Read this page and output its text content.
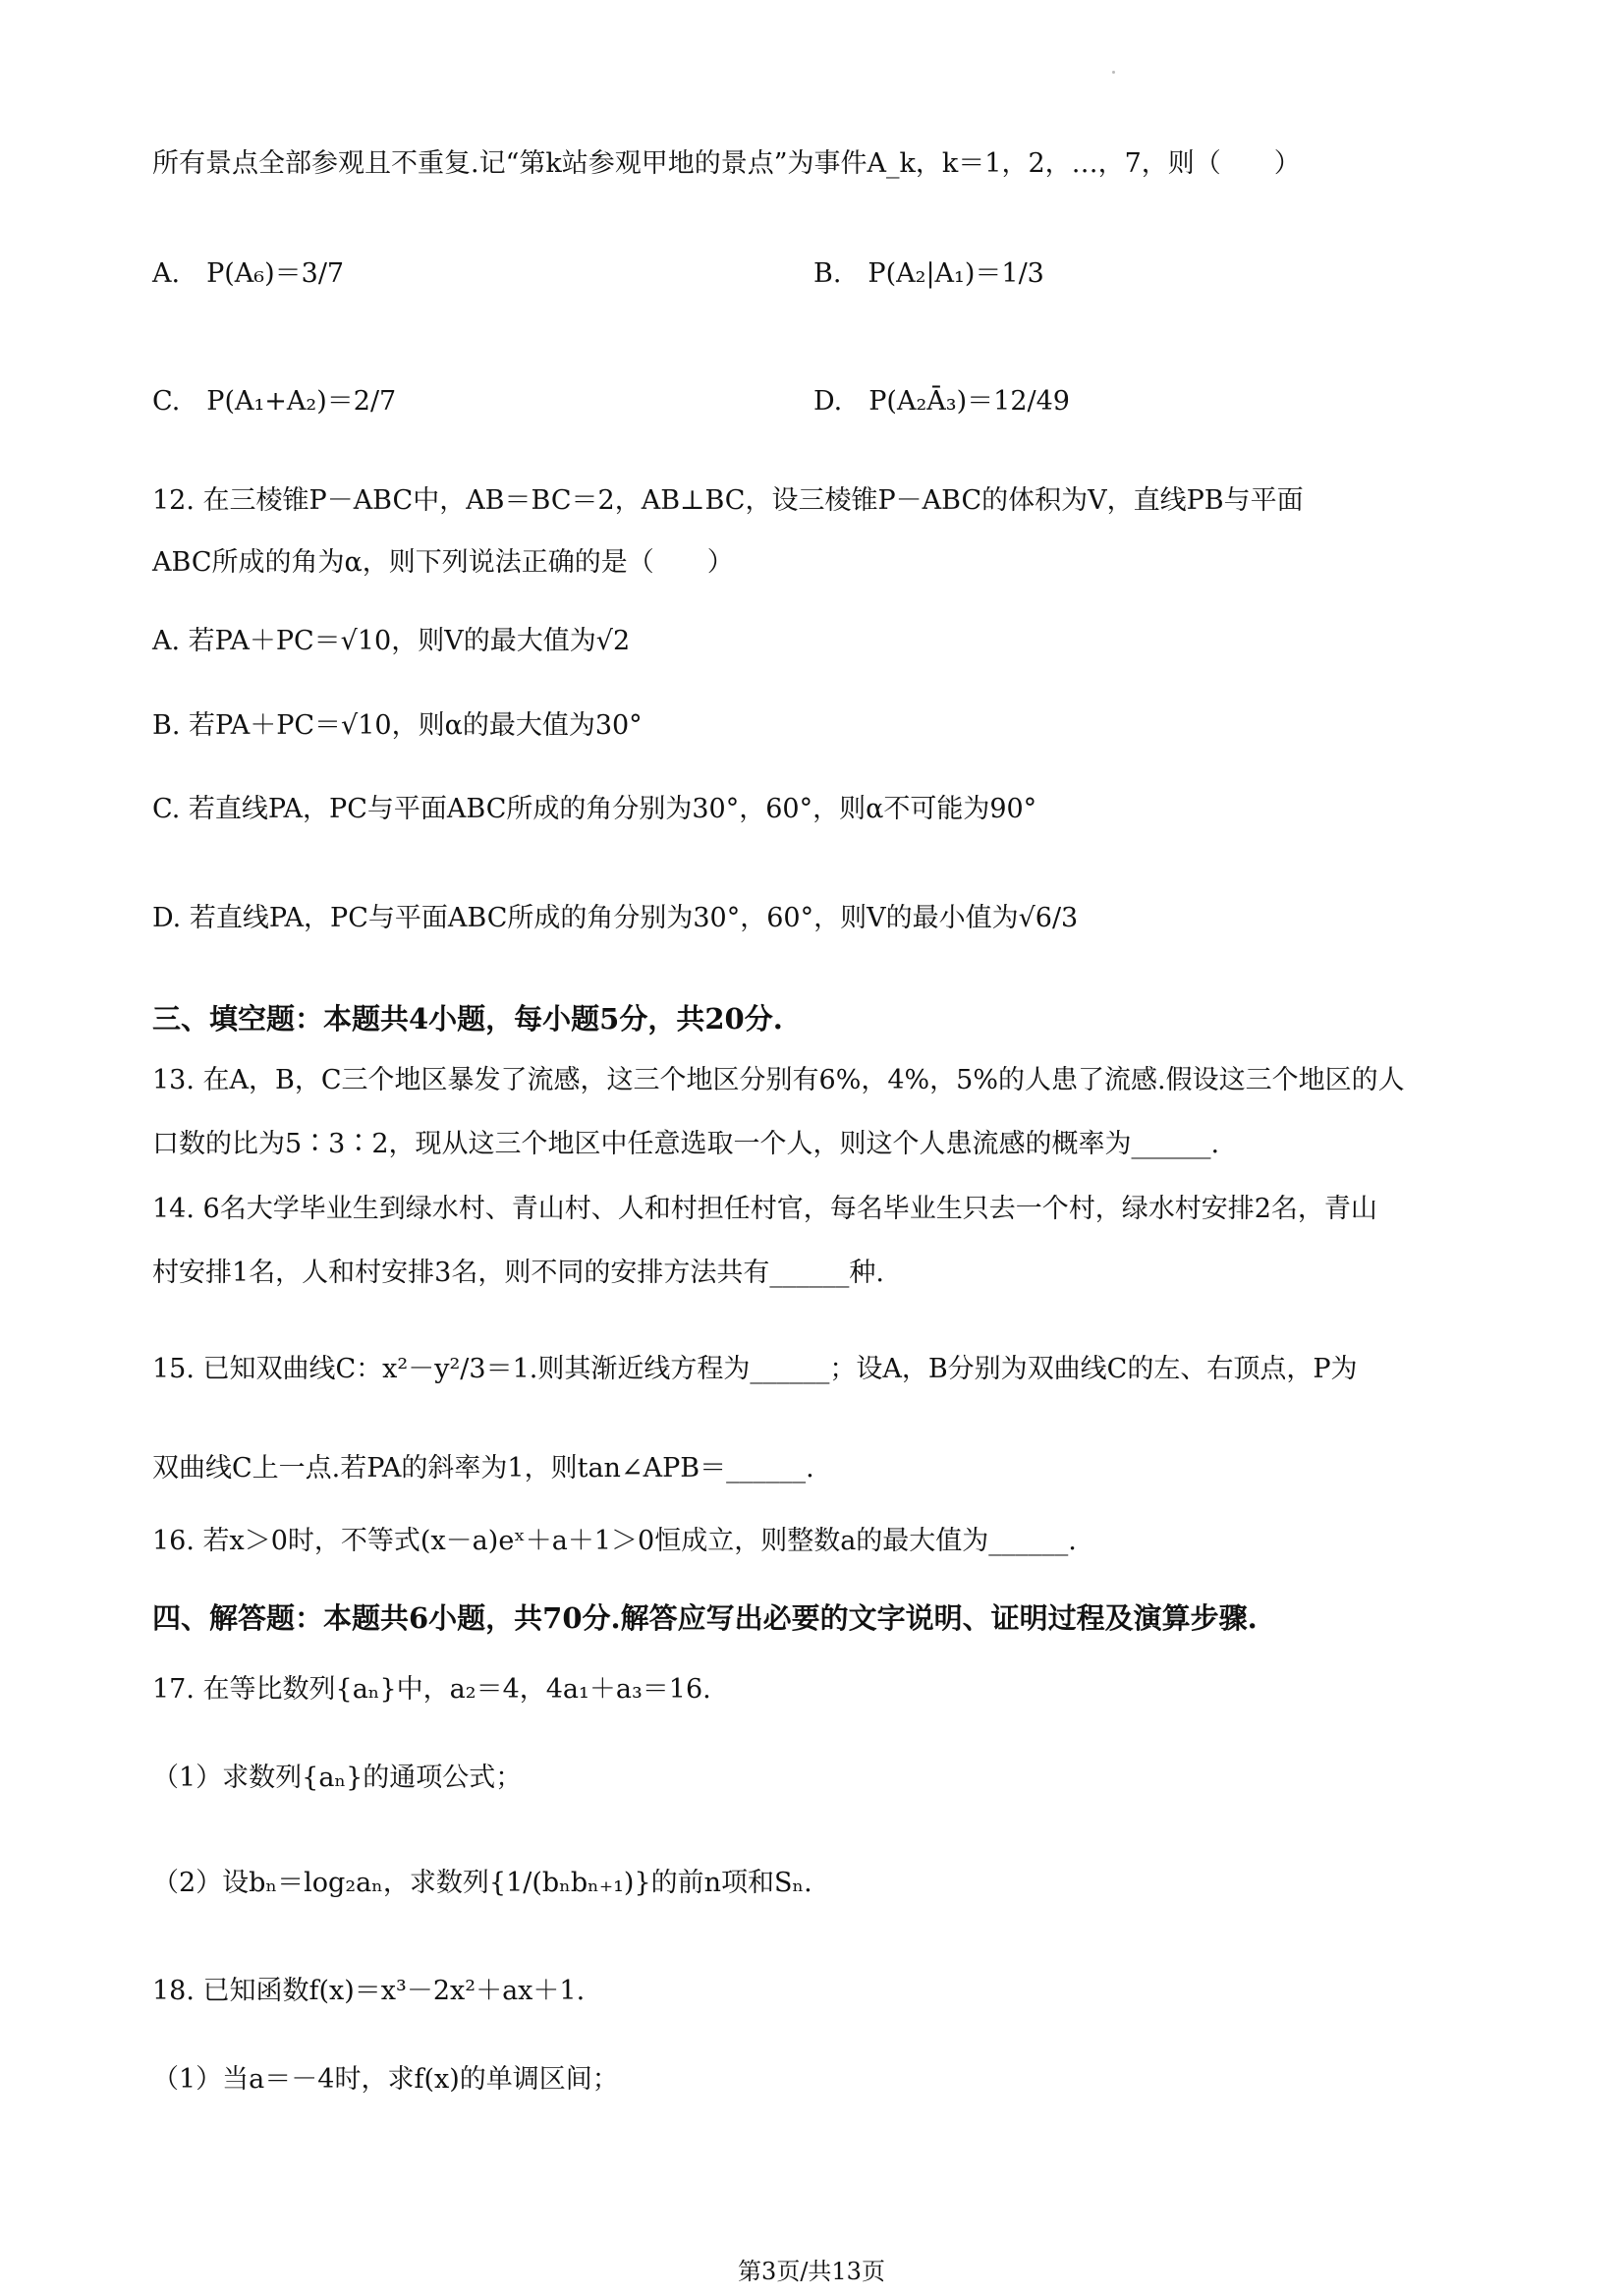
所有景点全部参观且不重复.记“第k站参观甲地的景点”为事件A_k，k＝1，2，…，7，则（　　）
A.　P(A₆)＝3/7	B.　P(A₂|A₁)＝1/3
C.　P(A₁+A₂)＝2/7	D.　P(A₂Ā₃)＝12/49
12. 在三棱锥P－ABC中，AB＝BC＝2，AB⊥BC，设三棱锥P－ABC的体积为V，直线PB与平面
ABC所成的角为α，则下列说法正确的是（　　）
A. 若PA＋PC＝√10，则V的最大值为√2
B. 若PA＋PC＝√10，则α的最大值为30°
C. 若直线PA，PC与平面ABC所成的角分别为30°，60°，则α不可能为90°
D. 若直线PA，PC与平面ABC所成的角分别为30°，60°，则V的最小值为√6/3
三、填空题：本题共4小题，每小题5分，共20分.
13. 在A，B，C三个地区暴发了流感，这三个地区分别有6%，4%，5%的人患了流感.假设这三个地区的人
口数的比为5∶3∶2，现从这三个地区中任意选取一个人，则这个人患流感的概率为______.
14. 6名大学毕业生到绿水村、青山村、人和村担任村官，每名毕业生只去一个村，绿水村安排2名，青山
村安排1名，人和村安排3名，则不同的安排方法共有______种.
15. 已知双曲线C：x²－y²/3＝1.则其渐近线方程为______；设A，B分别为双曲线C的左、右顶点，P为
双曲线C上一点.若PA的斜率为1，则tan∠APB＝______.
16. 若x＞0时，不等式(x－a)eˣ＋a＋1＞0恒成立，则整数a的最大值为______.
四、解答题：本题共6小题，共70分.解答应写出必要的文字说明、证明过程及演算步骤.
17. 在等比数列{aₙ}中，a₂＝4，4a₁＋a₃＝16.
（1）求数列{aₙ}的通项公式；
（2）设bₙ＝log₂aₙ，求数列{1/(bₙbₙ₊₁)}的前n项和Sₙ.
18. 已知函数f(x)＝x³－2x²＋ax＋1.
（1）当a＝－4时，求f(x)的单调区间；
第3页/共13页
